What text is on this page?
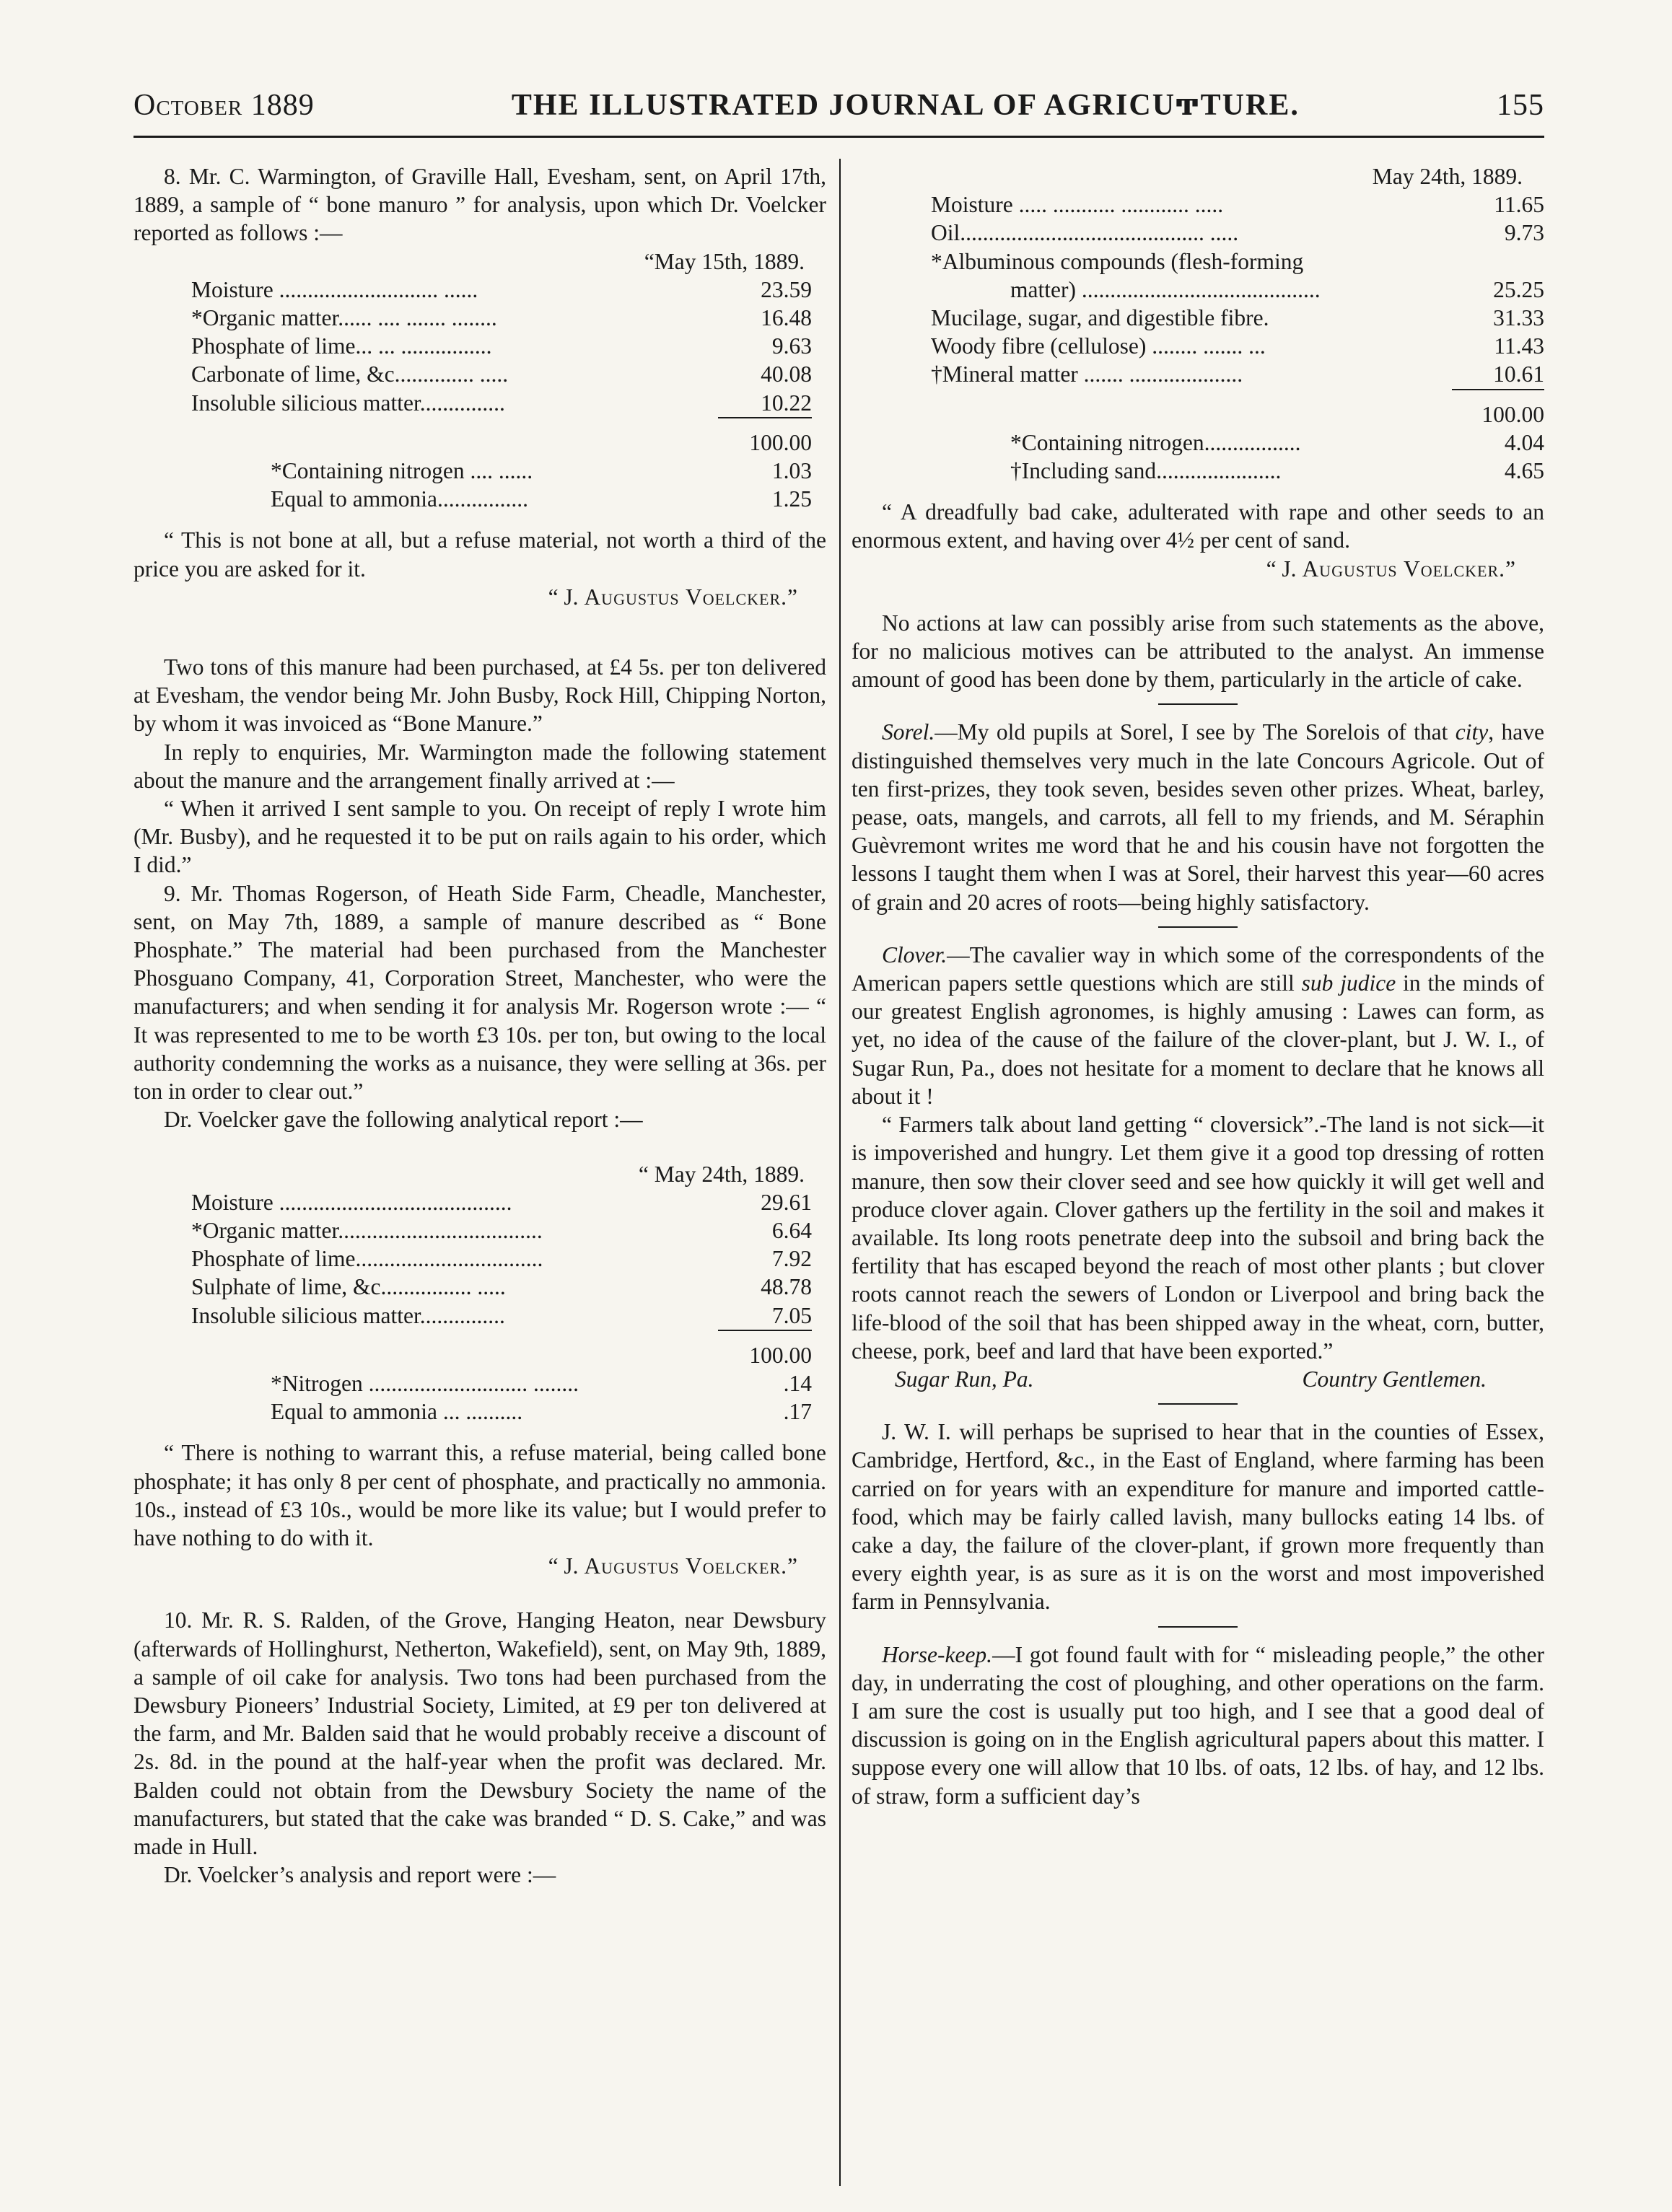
October 1889	THE ILLUSTRATED JOURNAL OF AGRICUͳTURE.	155

8. Mr. C. Warmington, of Graville Hall, Evesham, sent, on April 17th, 1889, a sample of “ bone manuro ” for analysis, upon which Dr. Voelcker reported as follows :—

“May 15th, 1889.
Moisture ............................ ......	23.59
*Organic matter...... .... ....... ........	16.48
Phosphate of lime... ... ................	9.63
Carbonate of lime, &c.............. .....	40.08
Insoluble silicious matter...............	10.22
	100.00
*Containing nitrogen .... ......	1.03
Equal to ammonia................	1.25

“ This is not bone at all, but a refuse material, not worth a third of the price you are asked for it.

“ J. Augustus Voelcker.”

Two tons of this manure had been purchased, at £4 5s. per ton delivered at Evesham, the vendor being Mr. John Busby, Rock Hill, Chipping Norton, by whom it was invoiced as “Bone Manure.”

In reply to enquiries, Mr. Warmington made the following statement about the manure and the arrangement finally arrived at :—

“ When it arrived I sent sample to you. On receipt of reply I wrote him (Mr. Busby), and he requested it to be put on rails again to his order, which I did.”

9. Mr. Thomas Rogerson, of Heath Side Farm, Cheadle, Manchester, sent, on May 7th, 1889, a sample of manure described as “ Bone Phosphate.” The material had been purchased from the Manchester Phosguano Company, 41, Corporation Street, Manchester, who were the manufacturers; and when sending it for analysis Mr. Rogerson wrote :— “ It was represented to me to be worth £3 10s. per ton, but owing to the local authority condemning the works as a nuisance, they were selling at 36s. per ton in order to clear out.”

Dr. Voelcker gave the following analytical report :—

“ May 24th, 1889.
Moisture .........................................	29.61
*Organic matter....................................	6.64
Phosphate of lime.................................	7.92
Sulphate of lime, &c................ .....	48.78
Insoluble silicious matter...............	7.05
	100.00
*Nitrogen ............................ ........	.14
Equal to ammonia ... ..........	.17

“ There is nothing to warrant this, a refuse material, being called bone phosphate; it has only 8 per cent of phosphate, and practically no ammonia. 10s., instead of £3 10s., would be more like its value; but I would prefer to have nothing to do with it.

“ J. Augustus Voelcker.”

10. Mr. R. S. Ralden, of the Grove, Hanging Heaton, near Dewsbury (afterwards of Hollinghurst, Netherton, Wakefield), sent, on May 9th, 1889, a sample of oil cake for analysis. Two tons had been purchased from the Dewsbury Pioneers’ Industrial Society, Limited, at £9 per ton delivered at the farm, and Mr. Balden said that he would probably receive a discount of 2s. 8d. in the pound at the half-year when the profit was declared. Mr. Balden could not obtain from the Dewsbury Society the name of the manufacturers, but stated that the cake was branded “ D. S. Cake,” and was made in Hull.

Dr. Voelcker’s analysis and report were :—

May 24th, 1889.
Moisture ..... ........... ............ .....	11.65
Oil........................................... .....	9.73
*Albuminous compounds (flesh-forming	
matter) ..........................................	25.25
Mucilage, sugar, and digestible fibre.	31.33
Woody fibre (cellulose) ........ ....... ...	11.43
†Mineral matter ....... ....................	10.61
	100.00
*Containing nitrogen.................	4.04
†Including sand......................	4.65

“ A dreadfully bad cake, adulterated with rape and other seeds to an enormous extent, and having over 4½ per cent of sand.

“ J. Augustus Voelcker.”

No actions at law can possibly arise from such statements as the above, for no malicious motives can be attributed to the analyst. An immense amount of good has been done by them, particularly in the article of cake.

Sorel.—My old pupils at Sorel, I see by The Sorelois of that city, have distinguished themselves very much in the late Concours Agricole. Out of ten first-prizes, they took seven, besides seven other prizes. Wheat, barley, pease, oats, mangels, and carrots, all fell to my friends, and M. Séraphin Guèvremont writes me word that he and his cousin have not forgotten the lessons I taught them when I was at Sorel, their harvest this year—60 acres of grain and 20 acres of roots—being highly satisfactory.

Clover.—The cavalier way in which some of the correspondents of the American papers settle questions which are still sub judice in the minds of our greatest English agronomes, is highly amusing : Lawes can form, as yet, no idea of the cause of the failure of the clover-plant, but J. W. I., of Sugar Run, Pa., does not hesitate for a moment to declare that he knows all about it !

“ Farmers talk about land getting “ cloversick”.-The land is not sick—it is impoverished and hungry. Let them give it a good top dressing of rotten manure, then sow their clover seed and see how quickly it will get well and produce clover again. Clover gathers up the fertility in the soil and makes it available. Its long roots penetrate deep into the subsoil and bring back the fertility that has escaped beyond the reach of most other plants ; but clover roots cannot reach the sewers of London or Liverpool and bring back the life-blood of the soil that has been shipped away in the wheat, corn, butter, cheese, pork, beef and lard that have been exported.”

Sugar Run, Pa.	Country Gentlemen.

J. W. I. will perhaps be suprised to hear that in the counties of Essex, Cambridge, Hertford, &c., in the East of England, where farming has been carried on for years with an expenditure for manure and imported cattle-food, which may be fairly called lavish, many bullocks eating 14 lbs. of cake a day, the failure of the clover-plant, if grown more frequently than every eighth year, is as sure as it is on the worst and most impoverished farm in Pennsylvania.

Horse-keep.—I got found fault with for “ misleading people,” the other day, in underrating the cost of ploughing, and other operations on the farm. I am sure the cost is usually put too high, and I see that a good deal of discussion is going on in the English agricultural papers about this matter. I suppose every one will allow that 10 lbs. of oats, 12 lbs. of hay, and 12 lbs. of straw, form a sufficient day’s
